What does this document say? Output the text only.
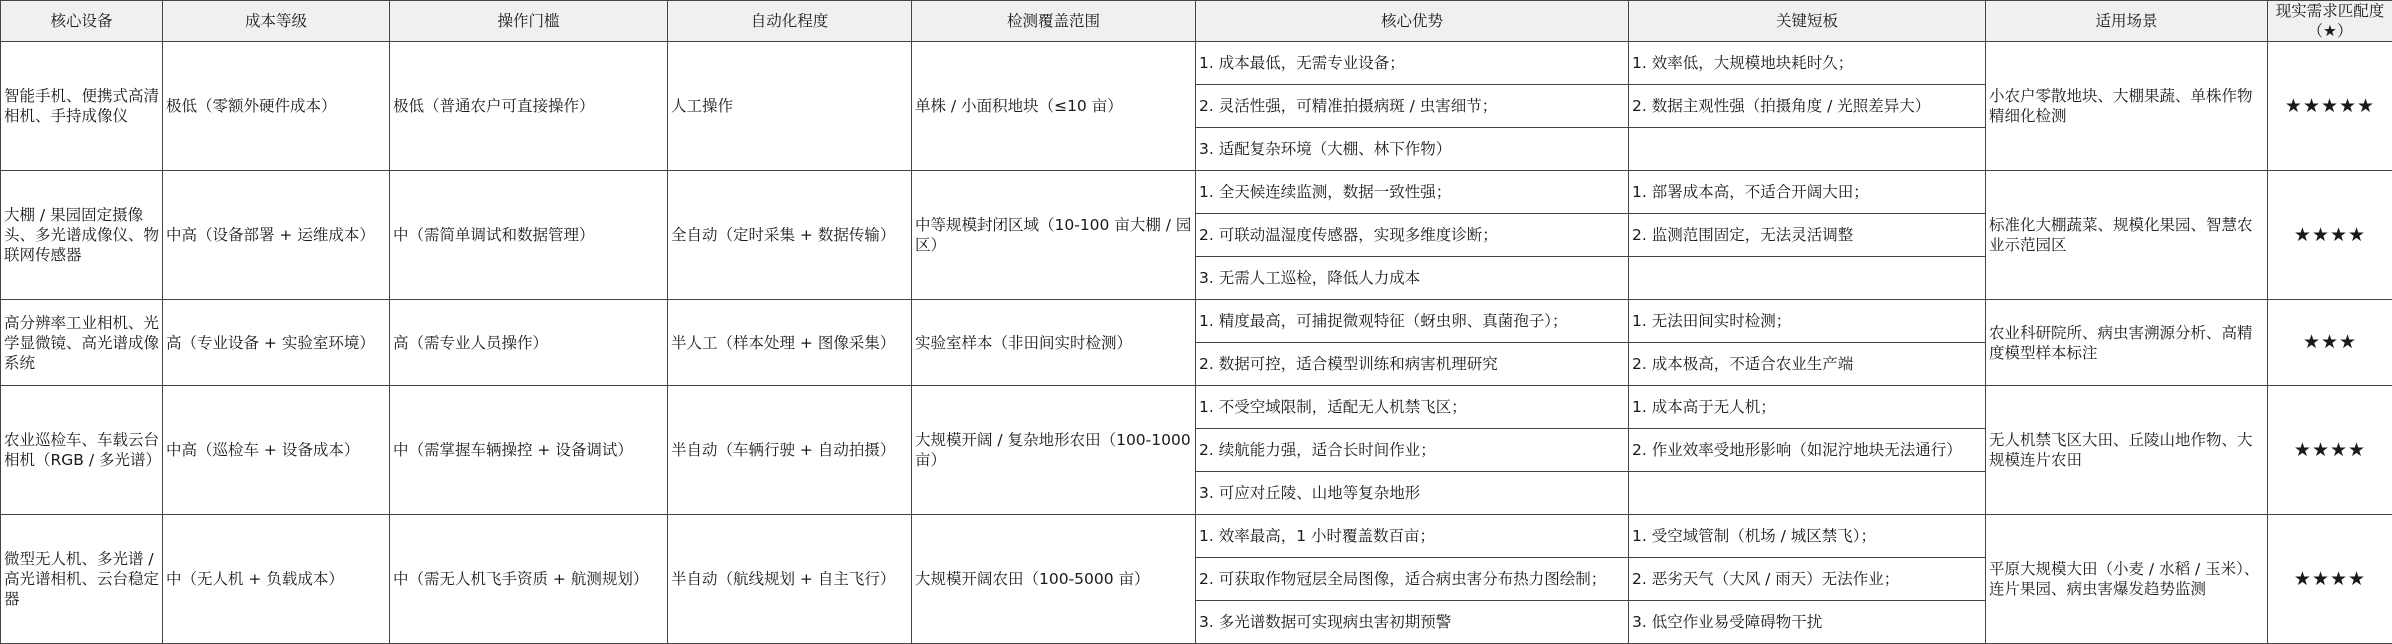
核心设备	成本等级	操作门槛	自动化程度	检测覆盖范围	核心优势	关键短板	适用场景	现实需求匹配度（★）
智能手机、便携式高清相机、手持成像仪	极低（零额外硬件成本）	极低（普通农户可直接操作）	人工操作	单株 / 小面积地块（≤10 亩）	1. 成本最低，无需专业设备；	1. 效率低，大规模地块耗时久；	小农户零散地块、大棚果蔬、单株作物精细化检测	★★★★★
					2. 灵活性强，可精准拍摄病斑 / 虫害细节；	2. 数据主观性强（拍摄角度 / 光照差异大）		
					3. 适配复杂环境（大棚、林下作物）			
大棚 / 果园固定摄像头、多光谱成像仪、物联网传感器	中高（设备部署 + 运维成本）	中（需简单调试和数据管理）	全自动（定时采集 + 数据传输）	中等规模封闭区域（10-100 亩大棚 / 园区）	1. 全天候连续监测，数据一致性强；	1. 部署成本高，不适合开阔大田；	标准化大棚蔬菜、规模化果园、智慧农业示范园区	★★★★
					2. 可联动温湿度传感器，实现多维度诊断；	2. 监测范围固定，无法灵活调整		
					3. 无需人工巡检，降低人力成本			
高分辨率工业相机、光学显微镜、高光谱成像系统	高（专业设备 + 实验室环境）	高（需专业人员操作）	半人工（样本处理 + 图像采集）	实验室样本（非田间实时检测）	1. 精度最高，可捕捉微观特征（蚜虫卵、真菌孢子）；	1. 无法田间实时检测；	农业科研院所、病虫害溯源分析、高精度模型样本标注	★★★
					2. 数据可控，适合模型训练和病害机理研究	2. 成本极高，不适合农业生产端		
农业巡检车、车载云台相机（RGB / 多光谱）	中高（巡检车 + 设备成本）	中（需掌握车辆操控 + 设备调试）	半自动（车辆行驶 + 自动拍摄）	大规模开阔 / 复杂地形农田（100-1000 亩）	1. 不受空域限制，适配无人机禁飞区；	1. 成本高于无人机；	无人机禁飞区大田、丘陵山地作物、大规模连片农田	★★★★
					2. 续航能力强，适合长时间作业；	2. 作业效率受地形影响（如泥泞地块无法通行）		
					3. 可应对丘陵、山地等复杂地形			
微型无人机、多光谱 / 高光谱相机、云台稳定器	中（无人机 + 负载成本）	中（需无人机飞手资质 + 航测规划）	半自动（航线规划 + 自主飞行）	大规模开阔农田（100-5000 亩）	1. 效率最高，1 小时覆盖数百亩；	1. 受空域管制（机场 / 城区禁飞）；	平原大规模大田（小麦 / 水稻 / 玉米）、连片果园、病虫害爆发趋势监测	★★★★
					2. 可获取作物冠层全局图像，适合病虫害分布热力图绘制；	2. 恶劣天气（大风 / 雨天）无法作业；		
					3. 多光谱数据可实现病虫害初期预警	3. 低空作业易受障碍物干扰		
